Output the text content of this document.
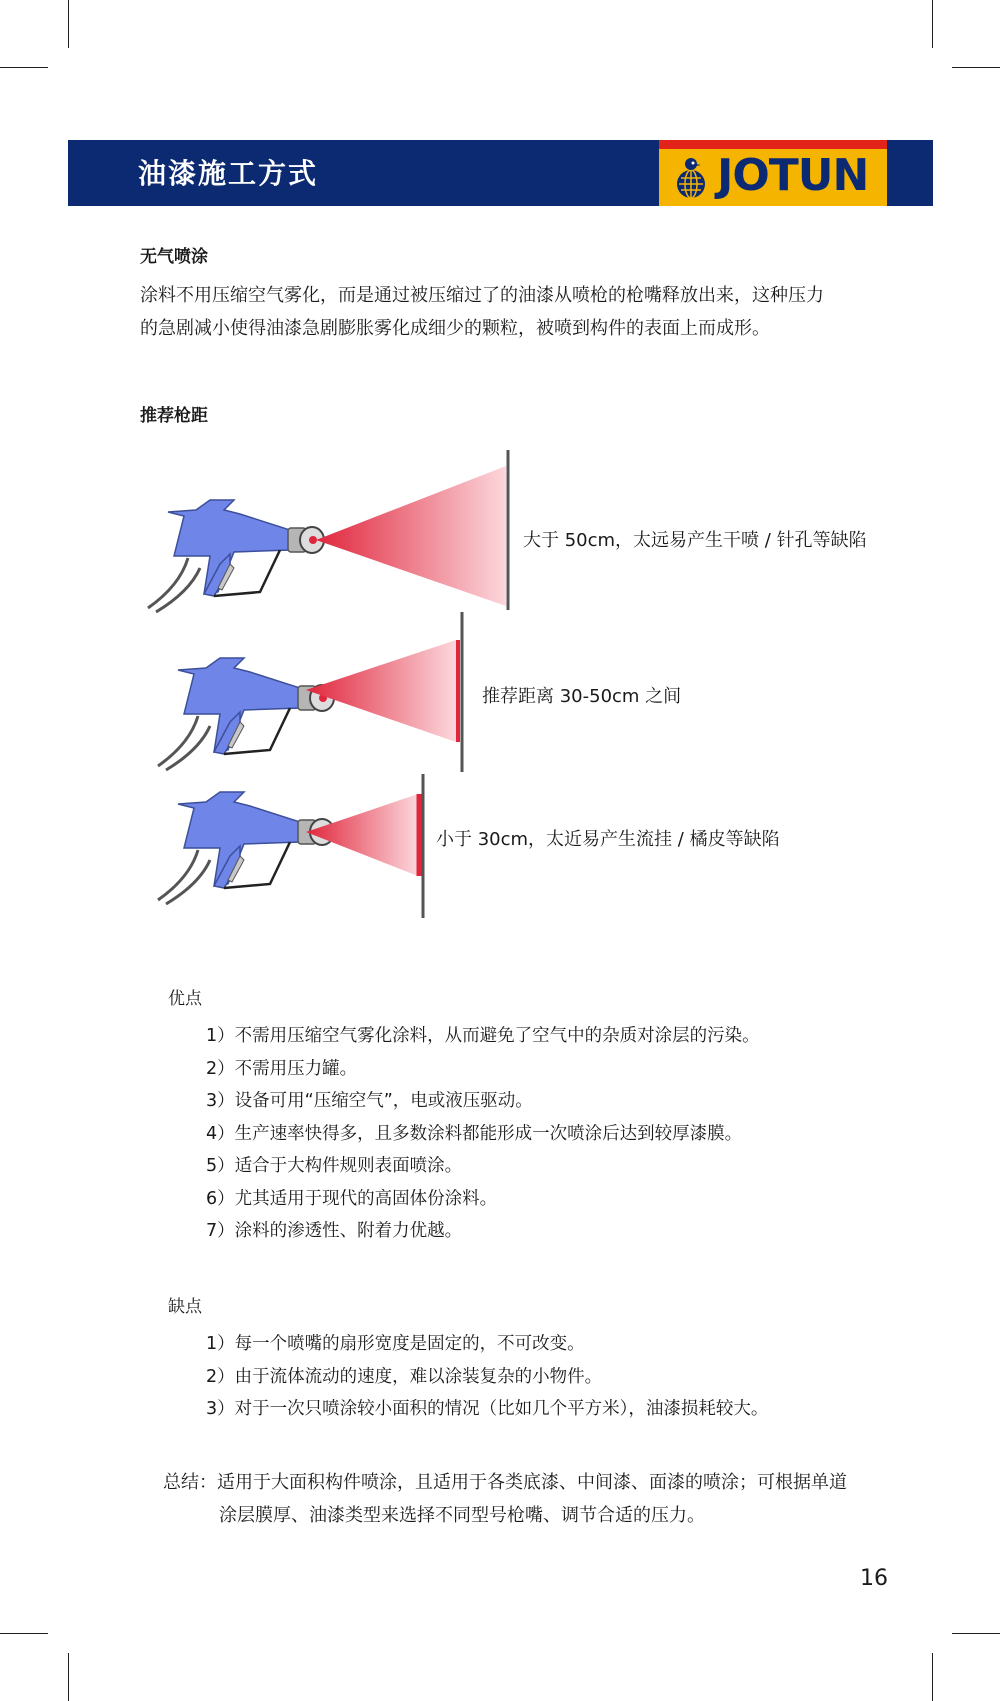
油漆施工方式	JOTUN
无气喷涂
涂料不用压缩空气雾化，而是通过被压缩过了的油漆从喷枪的枪嘴释放出来，这种压力
的急剧减小使得油漆急剧膨胀雾化成细少的颗粒，被喷到构件的表面上而成形。
推荐枪距
大于 50cm，太远易产生干喷 / 针孔等缺陷
推荐距离 30-50cm 之间
小于 30cm，太近易产生流挂 / 橘皮等缺陷
优点
1）不需用压缩空气雾化涂料，从而避免了空气中的杂质对涂层的污染。
2）不需用压力罐。
3）设备可用“压缩空气”，电或液压驱动。
4）生产速率快得多，且多数涂料都能形成一次喷涂后达到较厚漆膜。
5）适合于大构件规则表面喷涂。
6）尤其适用于现代的高固体份涂料。
7）涂料的渗透性、附着力优越。
缺点
1）每一个喷嘴的扇形宽度是固定的，不可改变。
2）由于流体流动的速度，难以涂装复杂的小物件。
3）对于一次只喷涂较小面积的情况（比如几个平方米），油漆损耗较大。
总结：适用于大面积构件喷涂，且适用于各类底漆、中间漆、面漆的喷涂；可根据单道
涂层膜厚、油漆类型来选择不同型号枪嘴、调节合适的压力。
16
